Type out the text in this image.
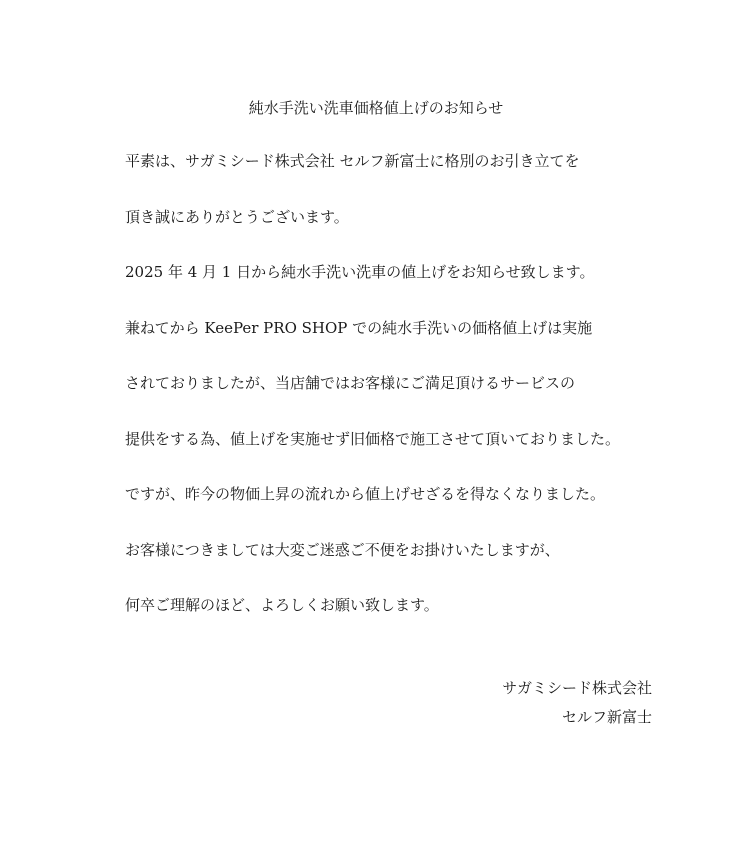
純水手洗い洗車価格値上げのお知らせ
平素は、サガミシード株式会社 セルフ新富士に格別のお引き立てを
頂き誠にありがとうございます。
2025 年 4 月 1 日から純水手洗い洗車の値上げをお知らせ致します。
兼ねてから KeePer PRO SHOP での純水手洗いの価格値上げは実施
されておりましたが、当店舗ではお客様にご満足頂けるサービスの
提供をする為、値上げを実施せず旧価格で施工させて頂いておりました。
ですが、昨今の物価上昇の流れから値上げせざるを得なくなりました。
お客様につきましては大変ご迷惑ご不便をお掛けいたしますが、
何卒ご理解のほど、よろしくお願い致します。
サガミシード株式会社
セルフ新富士
